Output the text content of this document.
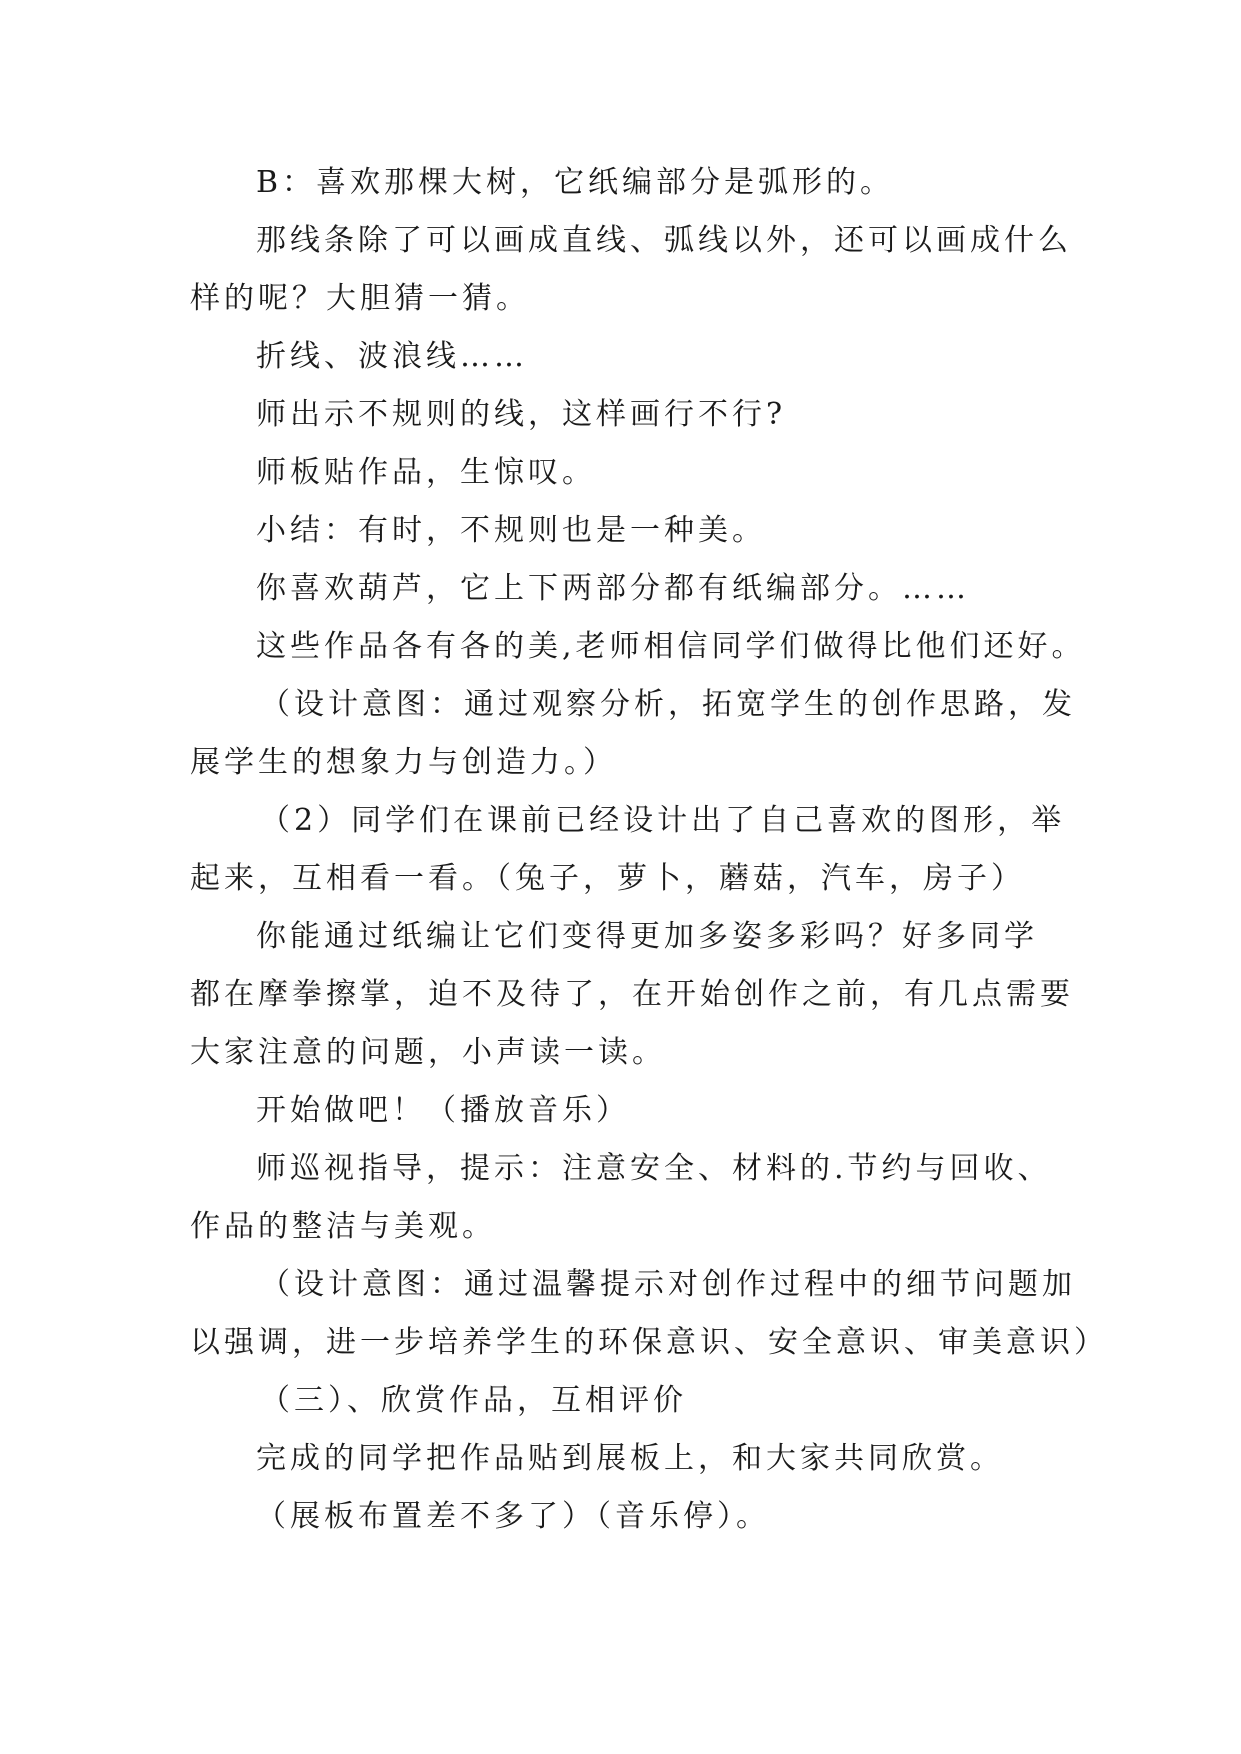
B：喜欢那棵大树，它纸编部分是弧形的。
那线条除了可以画成直线、弧线以外，还可以画成什么
样的呢？大胆猜一猜。
折线、波浪线……
师出示不规则的线，这样画行不行?
师板贴作品，生惊叹。
小结：有时，不规则也是一种美。
你喜欢葫芦，它上下两部分都有纸编部分。……
这些作品各有各的美,老师相信同学们做得比他们还好。
（设计意图：通过观察分析，拓宽学生的创作思路，发
展学生的想象力与创造力。）
（2）同学们在课前已经设计出了自己喜欢的图形，举
起来，互相看一看。（兔子，萝卜，蘑菇，汽车，房子）
你能通过纸编让它们变得更加多姿多彩吗？好多同学
都在摩拳擦掌，迫不及待了，在开始创作之前，有几点需要
大家注意的问题，小声读一读。
开始做吧！（播放音乐）
师巡视指导，提示：注意安全、材料的.节约与回收、
作品的整洁与美观。
（设计意图：通过温馨提示对创作过程中的细节问题加
以强调，进一步培养学生的环保意识、安全意识、审美意识）
（三）、欣赏作品，互相评价
完成的同学把作品贴到展板上，和大家共同欣赏。
（展板布置差不多了）（音乐停）。
